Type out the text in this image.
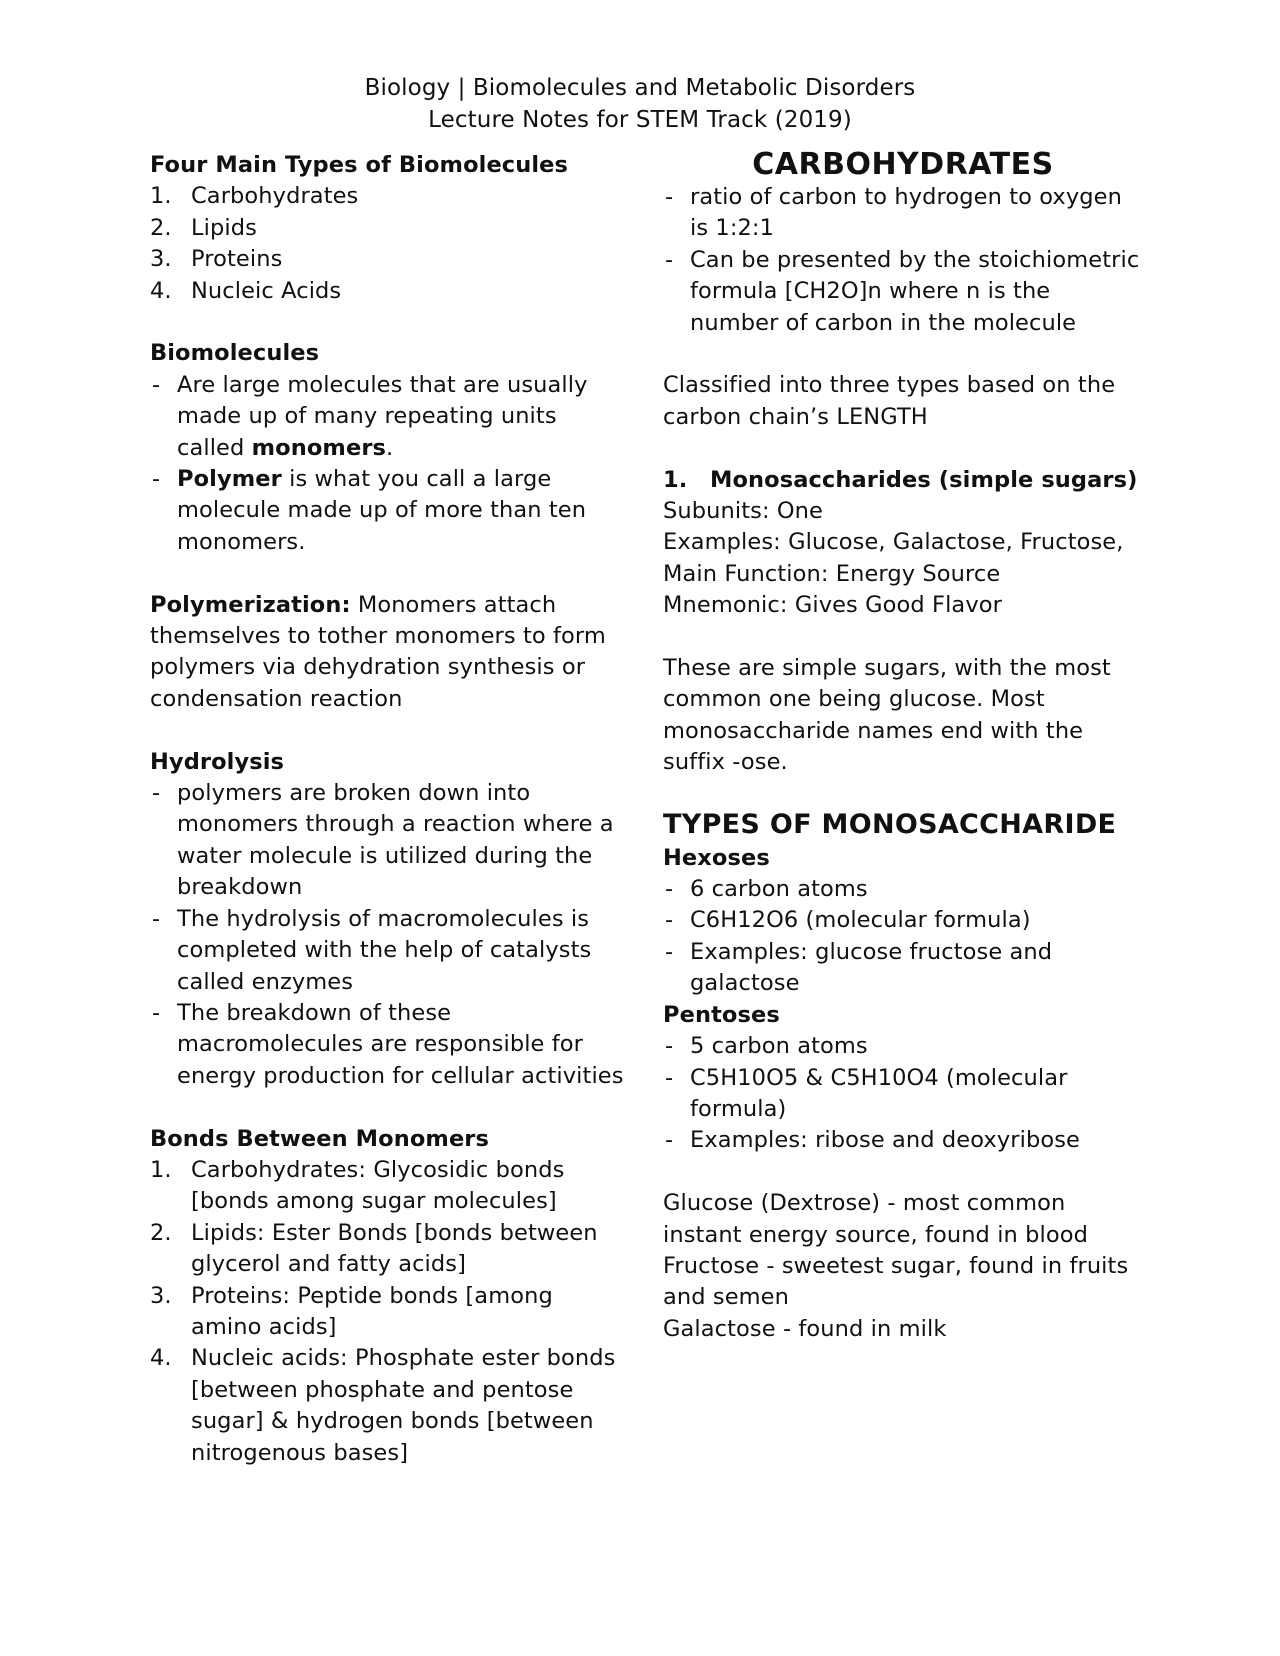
Biology | Biomolecules and Metabolic Disorders
Lecture Notes for STEM Track (2019)
Four Main Types of Biomolecules
1. Carbohydrates
2. Lipids
3. Proteins
4. Nucleic Acids
Biomolecules
- Are large molecules that are usually made up of many repeating units called monomers.
- Polymer is what you call a large molecule made up of more than ten monomers.

Polymerization: Monomers attach themselves to tother monomers to form polymers via dehydration synthesis or condensation reaction

Hydrolysis
- polymers are broken down into monomers through a reaction where a water molecule is utilized during the breakdown
- The hydrolysis of macromolecules is completed with the help of catalysts called enzymes
- The breakdown of these macromolecules are responsible for energy production for cellular activities
Bonds Between Monomers
1. Carbohydrates: Glycosidic bonds [bonds among sugar molecules]
2. Lipids: Ester Bonds [bonds between glycerol and fatty acids]
3. Proteins: Peptide bonds [among amino acids]
4. Nucleic acids: Phosphate ester bonds [between phosphate and pentose sugar] & hydrogen bonds [between nitrogenous bases]
CARBOHYDRATES
- ratio of carbon to hydrogen to oxygen is 1:2:1
- Can be presented by the stoichiometric formula [CH2O]n where n is the number of carbon in the molecule

Classified into three types based on the carbon chain’s LENGTH

1. Monosaccharides (simple sugars)
Subunits: One
Examples: Glucose, Galactose, Fructose,
Main Function: Energy Source
Mnemonic: Gives Good Flavor

These are simple sugars, with the most common one being glucose. Most monosaccharide names end with the suffix -ose.

TYPES OF MONOSACCHARIDE
Hexoses
- 6 carbon atoms
- C6H12O6 (molecular formula)
- Examples: glucose fructose and galactose
Pentoses
- 5 carbon atoms
- C5H10O5 & C5H10O4 (molecular formula)
- Examples: ribose and deoxyribose
Glucose (Dextrose) - most common instant energy source, found in blood
Fructose - sweetest sugar, found in fruits and semen
Galactose - found in milk
